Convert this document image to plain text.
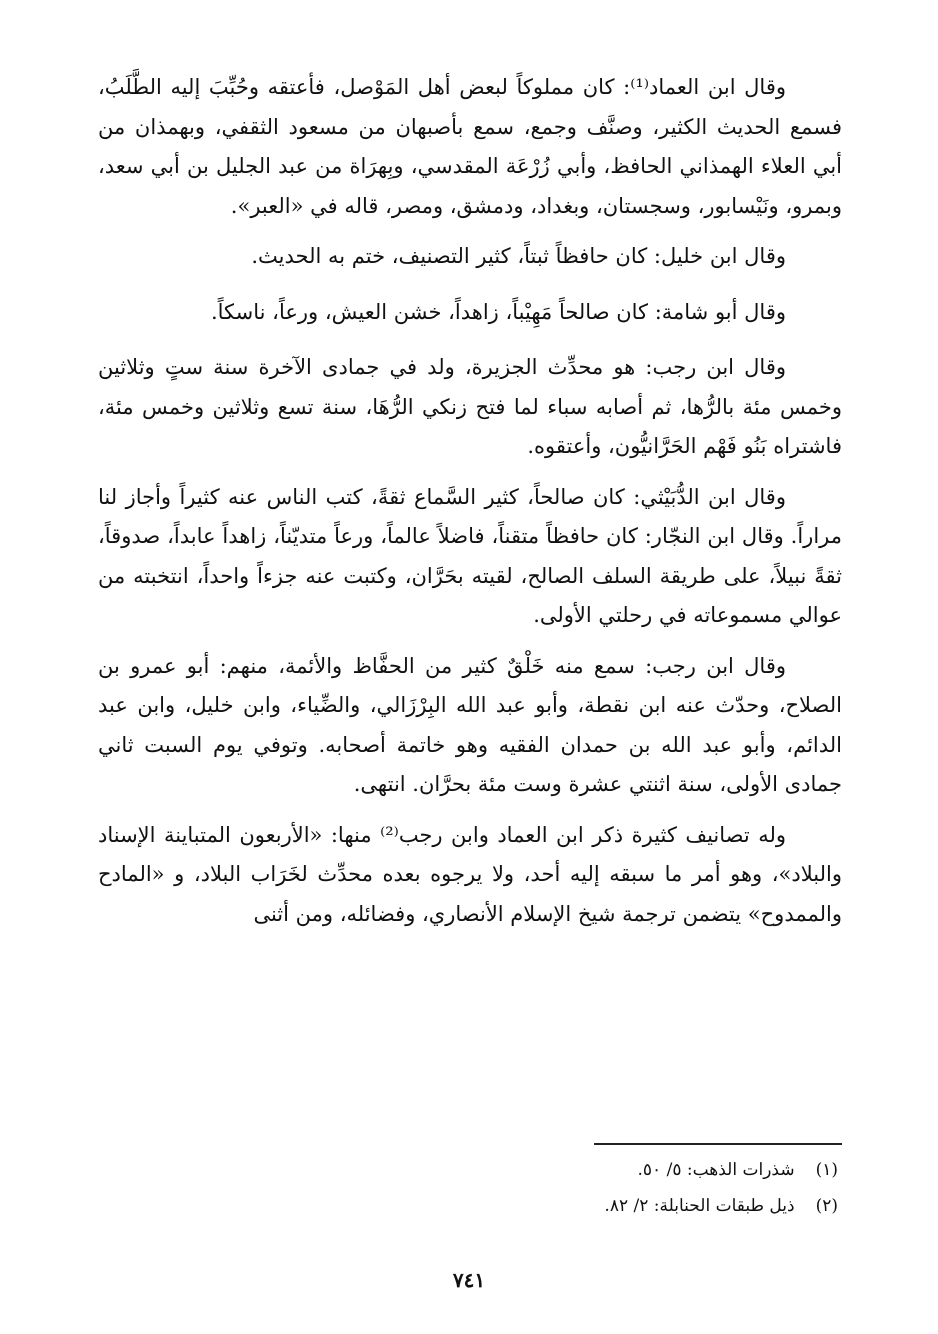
وقال ابن العماد⁽¹⁾: كان مملوكاً لبعض أهل المَوْصل، فأعتقه وحُبِّبَ إليه الطَّلَبُ، فسمع الحديث الكثير، وصنَّف وجمع، سمع بأصبهان من مسعود الثقفي، وبهمذان من أبي العلاء الهمذاني الحافظ، وأبي زُرْعَة المقدسي، وبِهرَاة من عبد الجليل بن أبي سعد، وبمرو، ونَيْسابور، وسجستان، وبغداد، ودمشق، ومصر، قاله في «العبر».

وقال ابن خليل: كان حافظاً ثبتاً، كثير التصنيف، ختم به الحديث.

وقال أبو شامة: كان صالحاً مَهِيْباً، زاهداً، خشن العيش، ورعاً، ناسكاً.

وقال ابن رجب: هو محدِّث الجزيرة، ولد في جمادى الآخرة سنة ستٍ وثلاثين وخمس مئة بالرُّها، ثم أصابه سباء لما فتح زنكي الرُّهَا، سنة تسع وثلاثين وخمس مئة، فاشتراه بَنُو فَهْم الحَرَّانيُّون، وأعتقوه.

وقال ابن الدُّبَيْثي: كان صالحاً، كثير السَّماع ثقةً، كتب الناس عنه كثيراً وأجاز لنا مراراً. وقال ابن النجّار: كان حافظاً متقناً، فاضلاً عالماً، ورعاً متديّناً، زاهداً عابداً، صدوقاً، ثقةً نبيلاً، على طريقة السلف الصالح، لقيته بحَرَّان، وكتبت عنه جزءاً واحداً، انتخبته من عوالي مسموعاته في رحلتي الأولى.

وقال ابن رجب: سمع منه خَلْقٌ كثير من الحفَّاظ والأئمة، منهم: أبو عمرو بن الصلاح، وحدّث عنه ابن نقطة، وأبو عبد الله البِرْزَالي، والضِّياء، وابن خليل، وابن عبد الدائم، وأبو عبد الله بن حمدان الفقيه وهو خاتمة أصحابه. وتوفي يوم السبت ثاني جمادى الأولى، سنة اثنتي عشرة وست مئة بحرَّان. انتهى.

وله تصانيف كثيرة ذكر ابن العماد وابن رجب⁽²⁾ منها: «الأربعون المتباينة الإسناد والبلاد»، وهو أمر ما سبقه إليه أحد، ولا يرجوه بعده محدِّث لخَرَاب البلاد، و «المادح والممدوح» يتضمن ترجمة شيخ الإسلام الأنصاري، وفضائله، ومن أثنى

(١) شذرات الذهب: ٥/ ٥٠.
(٢) ذيل طبقات الحنابلة: ٢/ ٨٢.
٧٤١
